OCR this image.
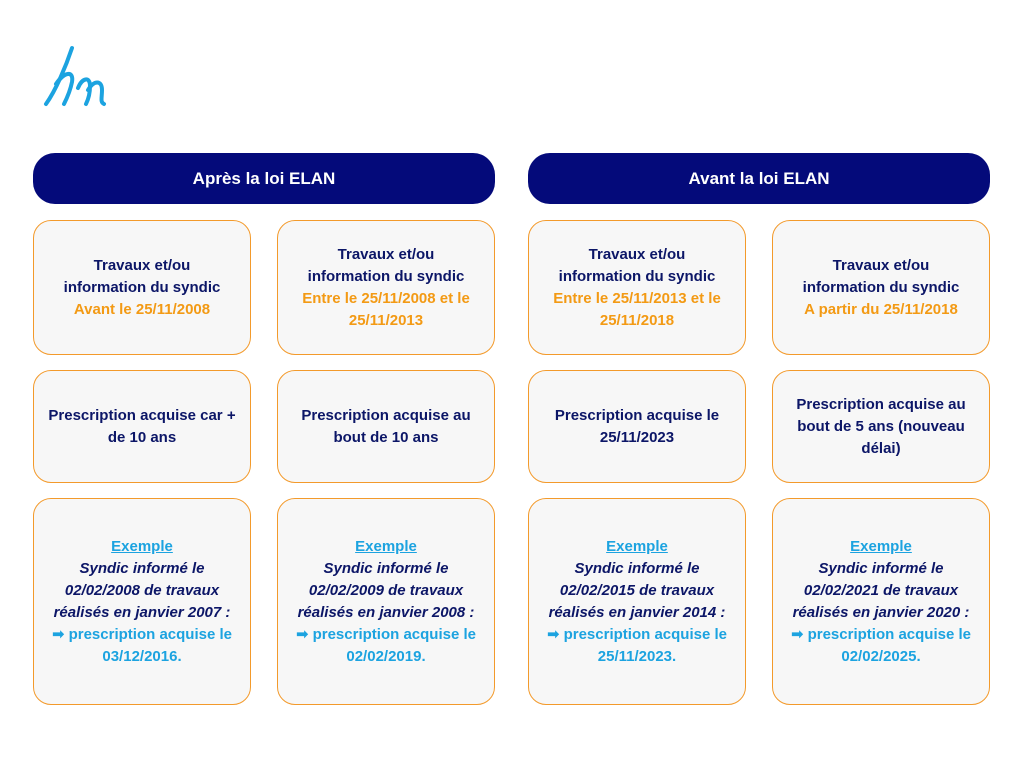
Après la loi ELAN	Avant la loi ELAN
Travaux et/ou
information du syndic
Avant le 25/11/2008
Travaux et/ou
information du syndic
Entre le 25/11/2008 et le 25/11/2013
Travaux et/ou
information du syndic
Entre le 25/11/2013 et le 25/11/2018
Travaux et/ou
information du syndic
A partir du 25/11/2018
Prescription acquise car + de 10 ans
Prescription acquise au bout de 10 ans
Prescription acquise le 25/11/2023
Prescription acquise au bout de 5 ans (nouveau délai)
Exemple
Syndic informé le 02/02/2008 de travaux réalisés en janvier 2007 :
➡ prescription acquise le 03/12/2016.
Exemple
Syndic informé le 02/02/2009 de travaux réalisés en janvier 2008 :
➡ prescription acquise le 02/02/2019.
Exemple
Syndic informé le 02/02/2015 de travaux réalisés en janvier 2014 :
➡ prescription acquise le 25/11/2023.
Exemple
Syndic informé le 02/02/2021 de travaux réalisés en janvier 2020 :
➡ prescription acquise le 02/02/2025.
